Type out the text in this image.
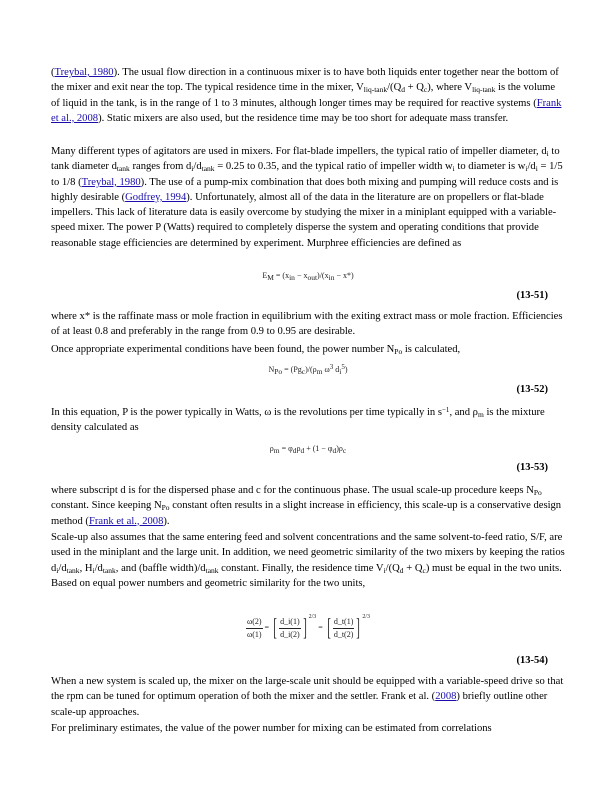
(Treybal, 1980). The usual flow direction in a continuous mixer is to have both liquids enter together near the bottom of the mixer and exit near the top. The typical residence time in the mixer, $V_{liq-tank}/(Q_d + Q_c)$, where $V_{liq-tank}$ is the volume of liquid in the tank, is in the range of 1 to 3 minutes, although longer times may be required for reactive systems (Frank et al., 2008). Static mixers are also used, but the residence time may be too short for adequate mass transfer.

Many different types of agitators are used in mixers. For flat-blade impellers, the typical ratio of impeller diameter, $d_i$ to tank diameter $d_{tank}$ ranges from $d_i/d_{tank} = 0.25$ to 0.35, and the typical ratio of impeller width $w_i$ to diameter is $w_i/d_i = 1/5$ to 1/8 (Treybal, 1980). The use of a pump-mix combination that does both mixing and pumping will reduce costs and is highly desirable (Godfrey, 1994). Unfortunately, almost all of the data in the literature are on propellers or flat-blade impellers. This lack of literature data is easily overcome by studying the mixer in a miniplant equipped with a variable-speed mixer. The power P (Watts) required to completely disperse the system and operating conditions that provide reasonable stage efficiencies are determined by experiment. Murphree efficiencies are defined as

$E_M = (x_{in} - x_{out})/(x_{in} - x*)$
(13-51)

where x* is the raffinate mass or mole fraction in equilibrium with the exiting extract mass or mole fraction. Efficiencies of at least 0.8 and preferably in the range from 0.9 to 0.95 are desirable.

Once appropriate experimental conditions have been found, the power number $N_{Po}$ is calculated,

$N_{Po} = (Pg_c)/(\rho_m$ $\omega^3$ $d_i^5$)
(13-52)

In this equation, P is the power typically in Watts, ω is the revolutions per time typically in $s^{-1}$, and $\rho_m$ is the mixture density calculated as

$\rho_m = \varphi_d\rho_d + (1 - \varphi_d)\rho_c$
(13-53)

where subscript d is for the dispersed phase and c for the continuous phase. The usual scale-up procedure keeps $N_{Po}$ constant. Since keeping $N_{Po}$ constant often results in a slight increase in efficiency, this scale-up is a conservative design method (Frank et al., 2008).

Scale-up also assumes that the same entering feed and solvent concentrations and the same solvent-to-feed ratio, S/F, are used in the miniplant and the large unit. In addition, we need geometric similarity of the two mixers by keeping the ratios $d_i/d_{tank}$, $H_i/d_{tank}$, and (baffle $width)/d_{tank}$ constant. Finally, the residence time $V_i/(Q_d + Q_c)$ must be equal in the two units. Based on equal power numbers and geometric similarity for the two units,

$\frac{\omega(2)}{\omega(1)}$ = [ $\frac{d\_i(1)}{d\_i(2)}$ ] $^{2/3}$ = [ $\frac{d\_t(1)}{d\_t(2)}$ ] $^{2/3}$
(13-54)

When a new system is scaled up, the mixer on the large-scale unit should be equipped with a variable-speed drive so that the rpm can be tuned for optimum operation of both the mixer and the settler. Frank et al. (2008) briefly outline other scale-up approaches.

For preliminary estimates, the value of the power number for mixing can be estimated from correlations
